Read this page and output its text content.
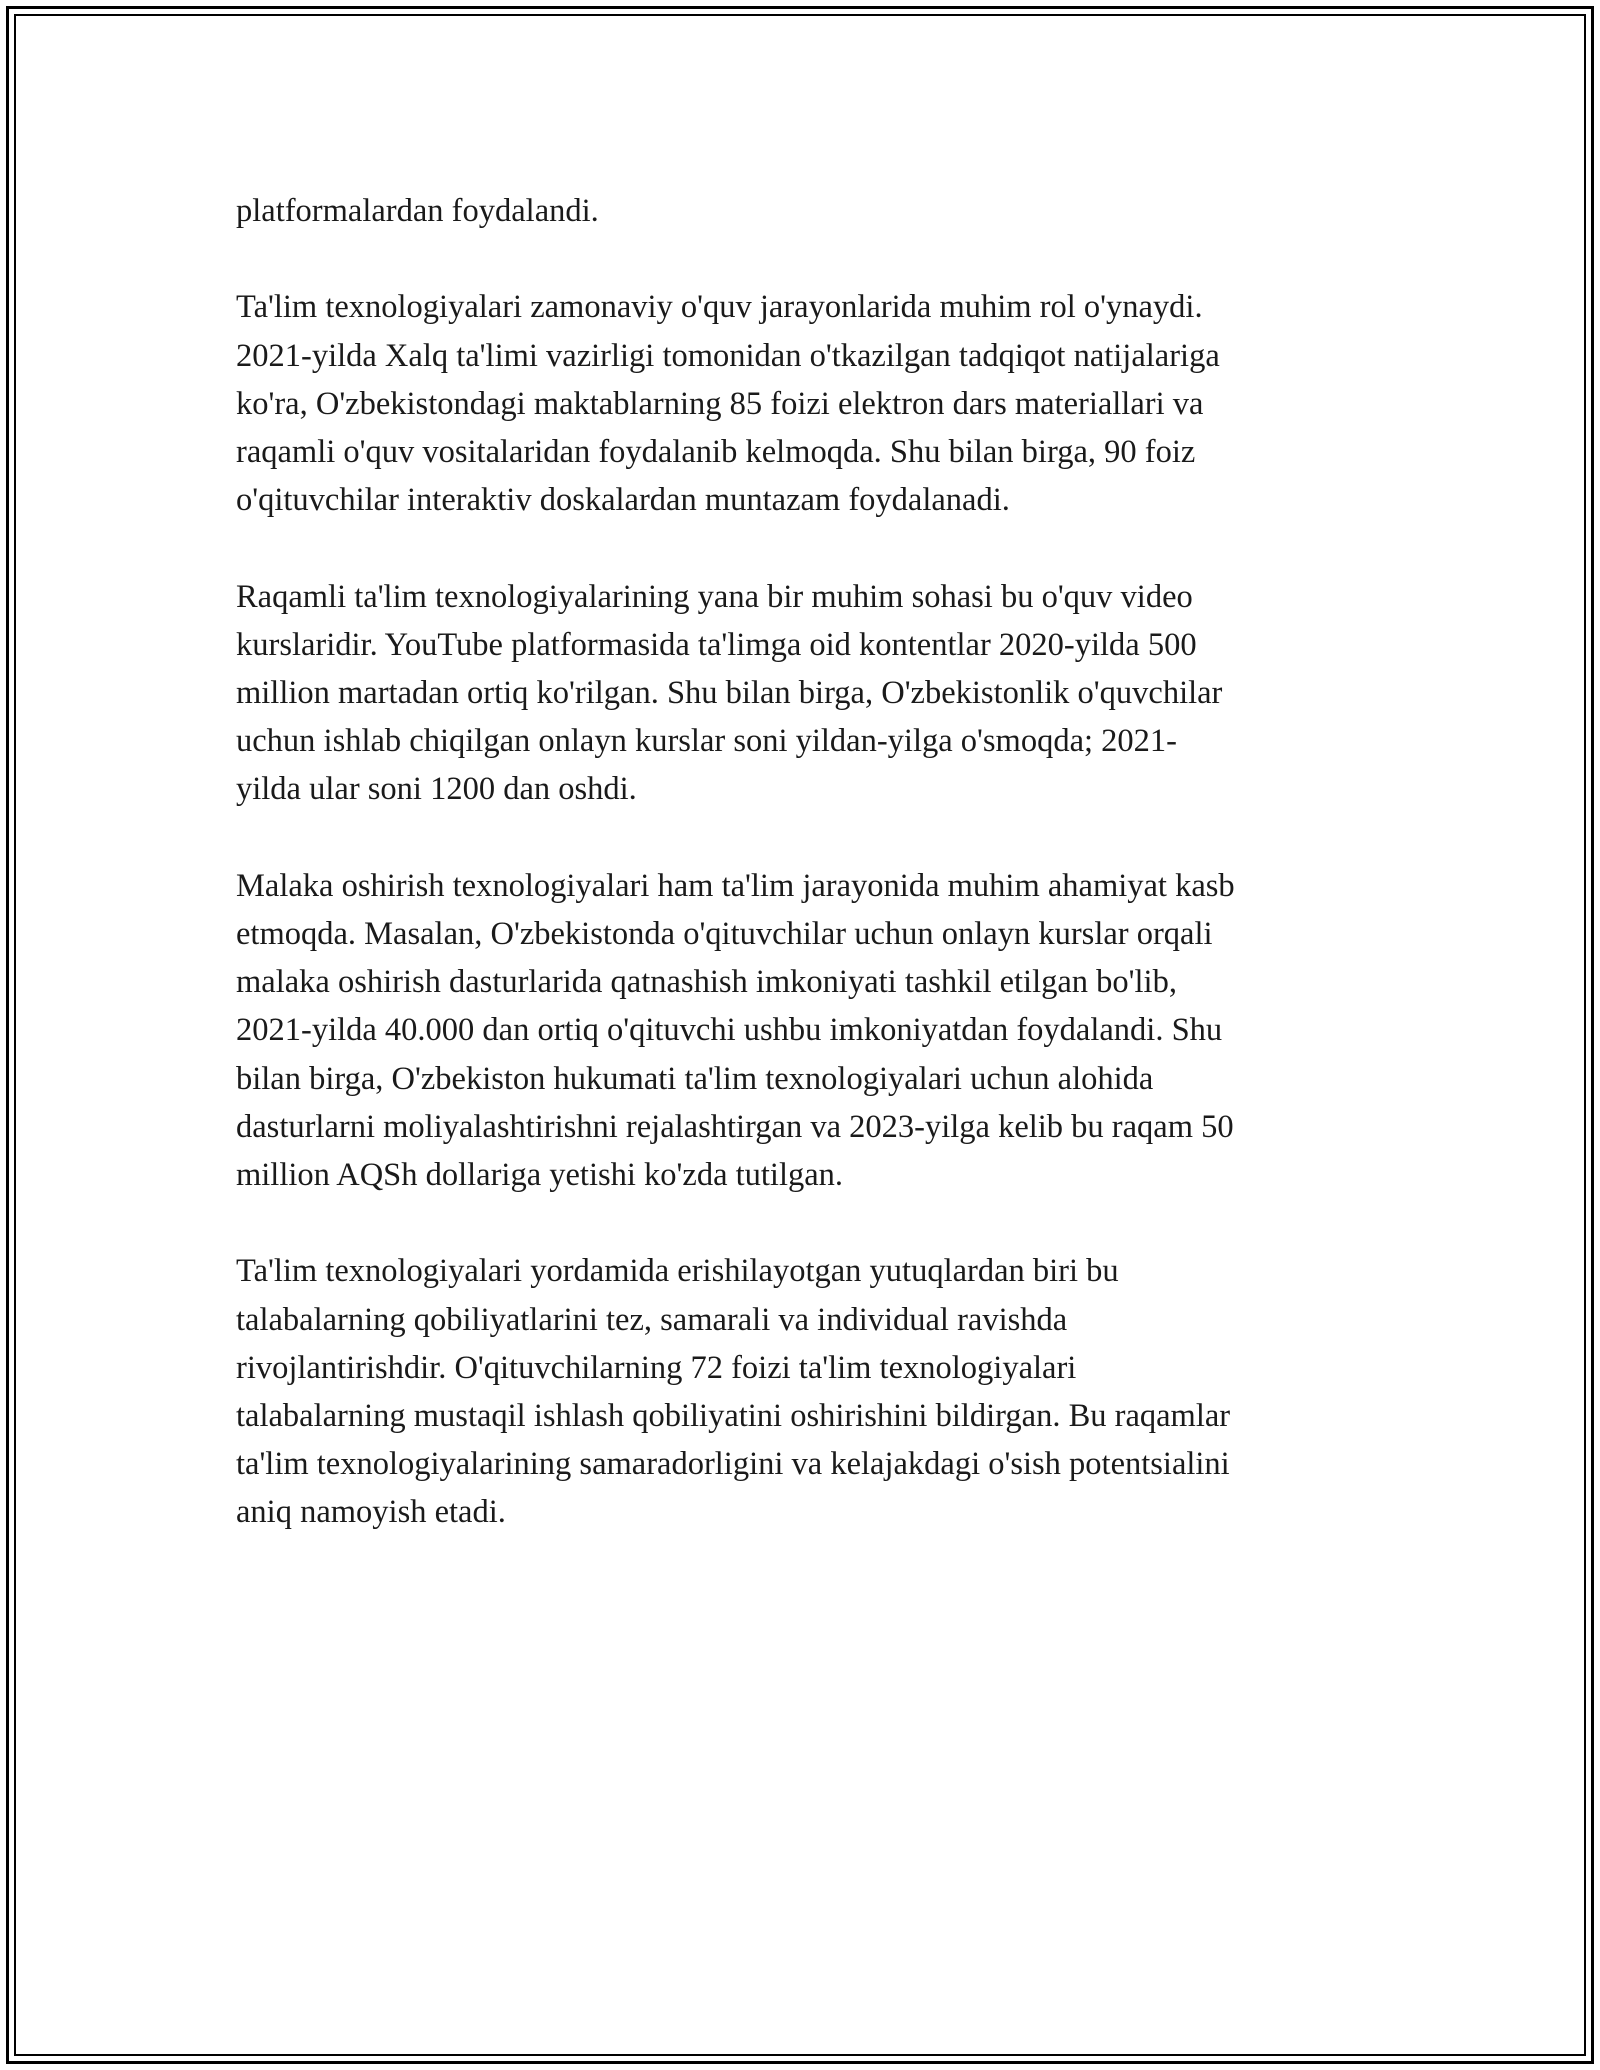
platformalardan foydalandi.

Ta'lim texnologiyalari zamonaviy o'quv jarayonlarida muhim rol o'ynaydi.
2021-yilda Xalq ta'limi vazirligi tomonidan o'tkazilgan tadqiqot natijalariga
ko'ra, O'zbekistondagi maktablarning 85 foizi elektron dars materiallari va
raqamli o'quv vositalaridan foydalanib kelmoqda. Shu bilan birga, 90 foiz
o'qituvchilar interaktiv doskalardan muntazam foydalanadi.

Raqamli ta'lim texnologiyalarining yana bir muhim sohasi bu o'quv video
kurslaridir. YouTube platformasida ta'limga oid kontentlar 2020-yilda 500
million martadan ortiq ko'rilgan. Shu bilan birga, O'zbekistonlik o'quvchilar
uchun ishlab chiqilgan onlayn kurslar soni yildan-yilga o'smoqda; 2021-
yilda ular soni 1200 dan oshdi.

Malaka oshirish texnologiyalari ham ta'lim jarayonida muhim ahamiyat kasb
etmoqda. Masalan, O'zbekistonda o'qituvchilar uchun onlayn kurslar orqali
malaka oshirish dasturlarida qatnashish imkoniyati tashkil etilgan bo'lib,
2021-yilda 40.000 dan ortiq o'qituvchi ushbu imkoniyatdan foydalandi. Shu
bilan birga, O'zbekiston hukumati ta'lim texnologiyalari uchun alohida
dasturlarni moliyalashtirishni rejalashtirgan va 2023-yilga kelib bu raqam 50
million AQSh dollariga yetishi ko'zda tutilgan.

Ta'lim texnologiyalari yordamida erishilayotgan yutuqlardan biri bu
talabalarning qobiliyatlarini tez, samarali va individual ravishda
rivojlantirishdir. O'qituvchilarning 72 foizi ta'lim texnologiyalari
talabalarning mustaqil ishlash qobiliyatini oshirishini bildirgan. Bu raqamlar
ta'lim texnologiyalarining samaradorligini va kelajakdagi o'sish potentsialini
aniq namoyish etadi.
